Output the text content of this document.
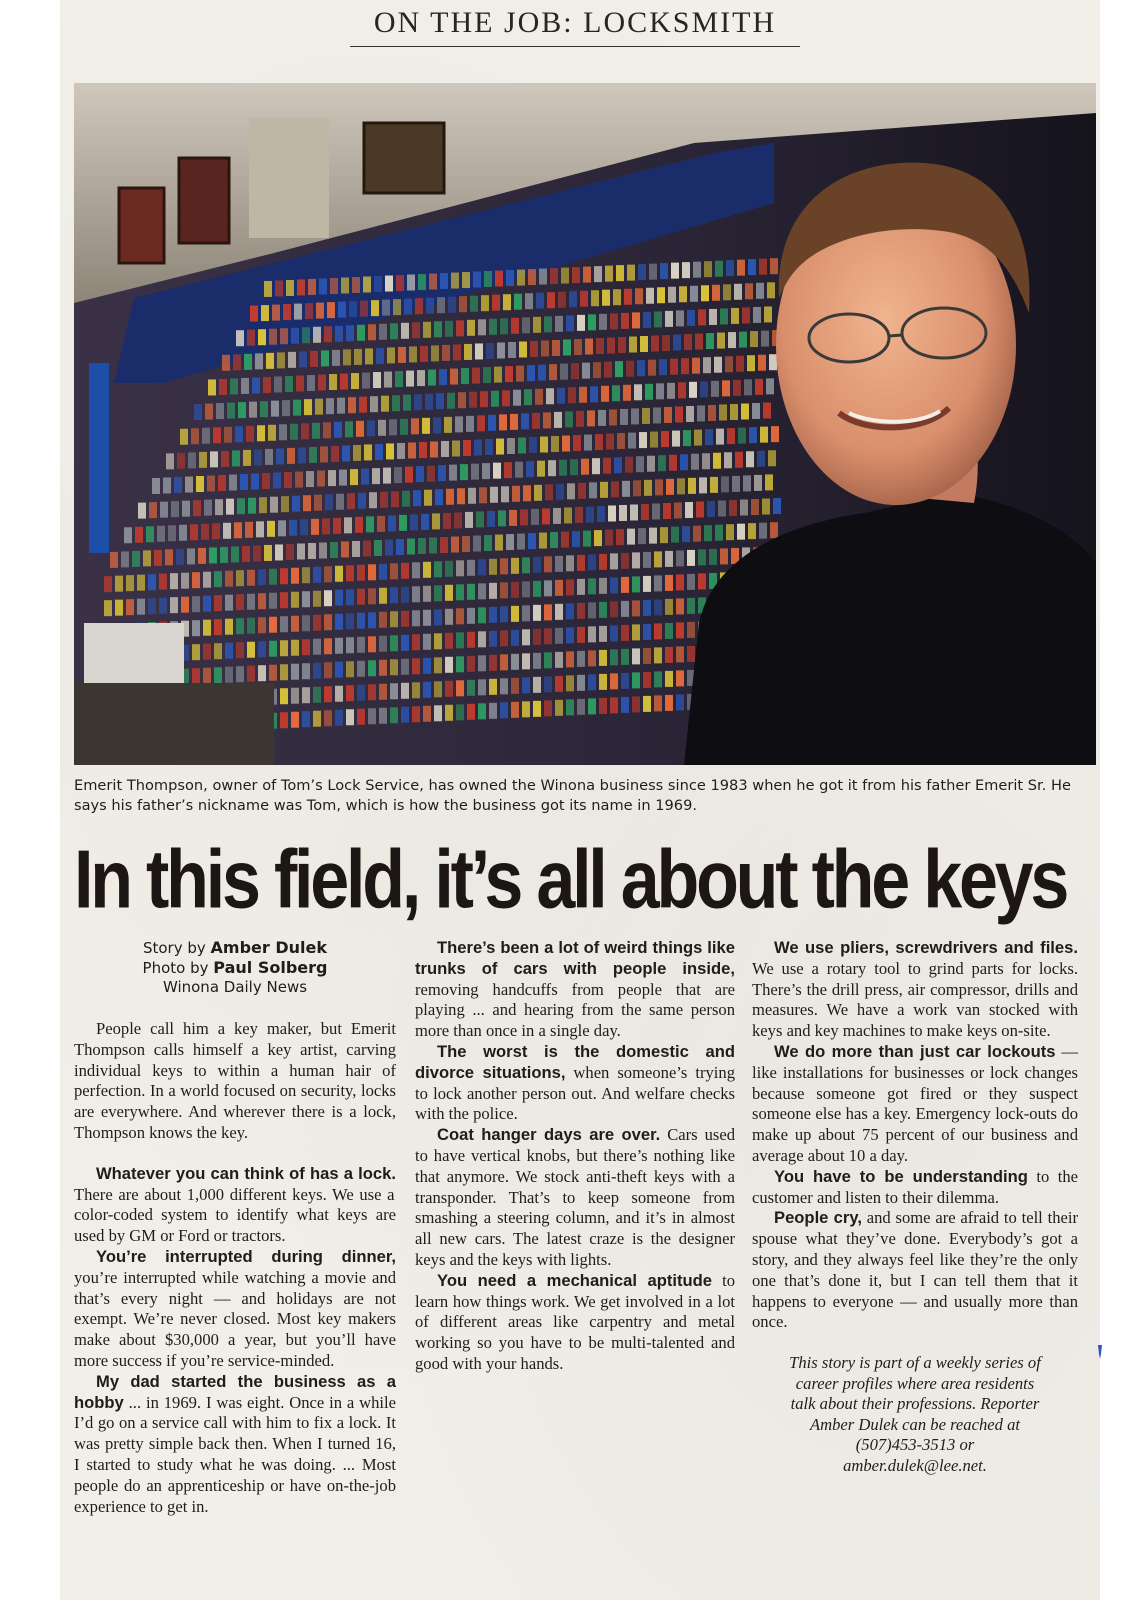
ON THE JOB: LOCKSMITH
Emerit Thompson, owner of Tom’s Lock Service, has owned the Winona business since 1983 when he got it from his father Emerit Sr. He says his father’s nickname was Tom, which is how the business got its name in 1969.
In this field, it’s all about the keys
Story by Amber Dulek
Photo by Paul Solberg
Winona Daily News

People call him a key maker, but Emerit Thompson calls himself a key artist, carving individual keys to within a human hair of perfection. In a world focused on security, locks are everywhere. And wherever there is a lock, Thompson knows the key.

Whatever you can think of has a lock. There are about 1,000 different keys. We use a color-coded system to identify what keys are used by GM or Ford or tractors.

You’re interrupted during dinner, you’re interrupted while watching a movie and that’s every night — and holidays are not exempt. We’re never closed. Most key makers make about $30,000 a year, but you’ll have more success if you’re service-minded.

My dad started the business as a hobby ... in 1969. I was eight. Once in a while I’d go on a service call with him to fix a lock. It was pretty simple back then. When I turned 16, I started to study what he was doing. ... Most people do an apprenticeship or have on-the-job experience to get in.

There’s been a lot of weird things like trunks of cars with people inside, removing handcuffs from people that are playing ... and hearing from the same person more than once in a single day.

The worst is the domestic and divorce situations, when someone’s trying to lock another person out. And welfare checks with the police.

Coat hanger days are over. Cars used to have vertical knobs, but there’s nothing like that anymore. We stock anti-theft keys with a transponder. That’s to keep someone from smashing a steering column, and it’s in almost all new cars. The latest craze is the designer keys and the keys with lights.

You need a mechanical aptitude to learn how things work. We get involved in a lot of different areas like carpentry and metal working so you have to be multi-talented and good with your hands.

We use pliers, screwdrivers and files. We use a rotary tool to grind parts for locks. There’s the drill press, air compressor, drills and measures. We have a work van stocked with keys and key machines to make keys on-site.

We do more than just car lockouts — like installations for businesses or lock changes because someone got fired or they suspect someone else has a key. Emergency lock-outs do make up about 75 percent of our business and average about 10 a day.

You have to be understanding to the customer and listen to their dilemma.

People cry, and some are afraid to tell their spouse what they’ve done. Everybody’s got a story, and they always feel like they’re the only one that’s done it, but I can tell them that it happens to everyone — and usually more than once.

This story is part of a weekly series of
career profiles where area residents
talk about their professions. Reporter
Amber Dulek can be reached at
(507)453-3513 or
amber.dulek@lee.net.
